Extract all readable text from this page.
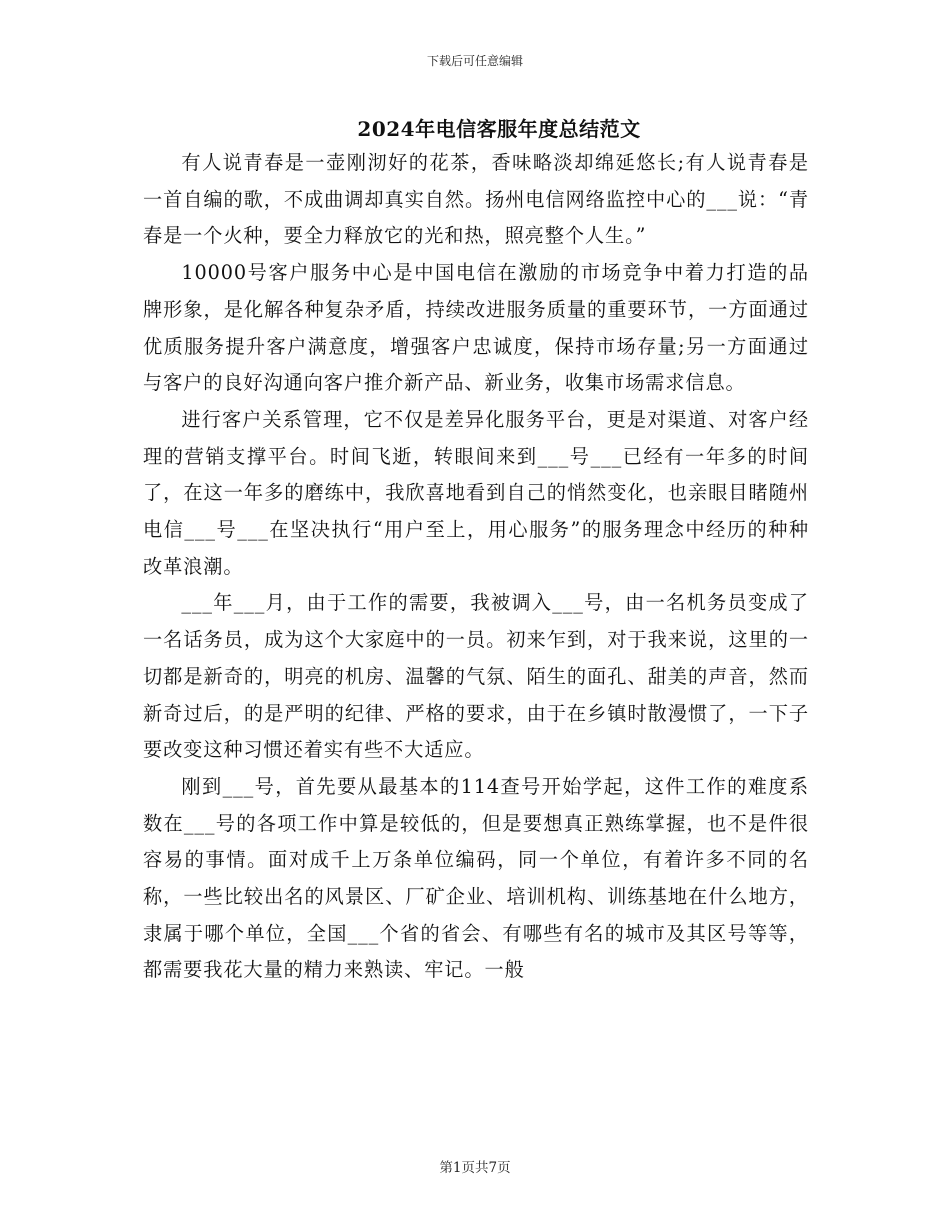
下载后可任意编辑
2024年电信客服年度总结范文

有人说青春是一壶刚沏好的花茶，香味略淡却绵延悠长;有人说青春是一首自编的歌，不成曲调却真实自然。扬州电信网络监控中心的___说：“青春是一个火种，要全力释放它的光和热，照亮整个人生。”

10000号客户服务中心是中国电信在激励的市场竞争中着力打造的品牌形象，是化解各种复杂矛盾，持续改进服务质量的重要环节，一方面通过优质服务提升客户满意度，增强客户忠诚度，保持市场存量;另一方面通过与客户的良好沟通向客户推介新产品、新业务，收集市场需求信息。

进行客户关系管理，它不仅是差异化服务平台，更是对渠道、对客户经理的营销支撑平台。时间飞逝，转眼间来到___号___已经有一年多的时间了，在这一年多的磨练中，我欣喜地看到自己的悄然变化，也亲眼目睹随州电信___号___在坚决执行“用户至上，用心服务”的服务理念中经历的种种改革浪潮。

___年___月，由于工作的需要，我被调入___号，由一名机务员变成了一名话务员，成为这个大家庭中的一员。初来乍到，对于我来说，这里的一切都是新奇的，明亮的机房、温馨的气氛、陌生的面孔、甜美的声音，然而新奇过后，的是严明的纪律、严格的要求，由于在乡镇时散漫惯了，一下子要改变这种习惯还着实有些不大适应。

刚到___号，首先要从最基本的114查号开始学起，这件工作的难度系数在___号的各项工作中算是较低的，但是要想真正熟练掌握，也不是件很容易的事情。面对成千上万条单位编码，同一个单位，有着许多不同的名称，一些比较出名的风景区、厂矿企业、培训机构、训练基地在什么地方，隶属于哪个单位，全国___个省的省会、有哪些有名的城市及其区号等等，都需要我花大量的精力来熟读、牢记。一般

第1页共7页
